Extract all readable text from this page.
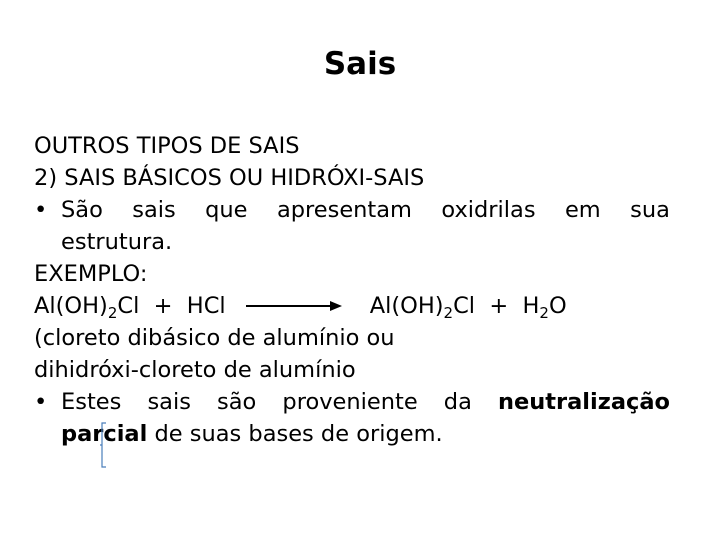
Sais
OUTROS TIPOS DE SAIS
2) SAIS BÁSICOS OU HIDRÓXI-SAIS
• São sais que apresentam oxidrilas em sua
estrutura.
EXEMPLO:
$Al(OH)_2Cl$  +  HCl	$Al(OH)_2Cl + H_2O$
(cloreto dibásico de alumínio ou
dihidróxi-cloreto de alumínio
• Estes sais são proveniente da neutralização
parcial de suas bases de origem.
